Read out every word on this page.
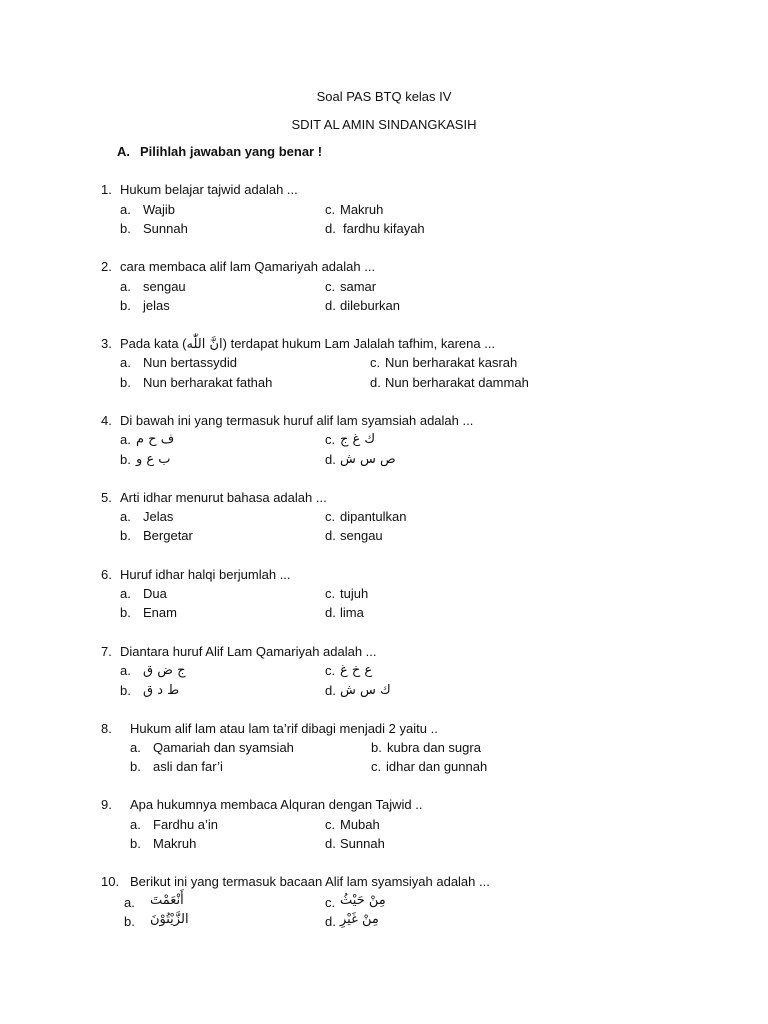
Soal PAS BTQ kelas IV
SDIT AL AMIN SINDANGKASIH
A. Pilihlah jawaban yang benar !
1. Hukum belajar tajwid adalah ...
a. Wajib	c. Makruh
b. Sunnah	d. fardhu kifayah
2. cara membaca alif lam Qamariyah adalah ...
a. sengau	c. samar
b. jelas	d. dileburkan
3. Pada kata (انَّ اللّٰه) terdapat hukum Lam Jalalah tafhim, karena ...
a. Nun bertassydid	c. Nun berharakat kasrah
b. Nun berharakat fathah	d. Nun berharakat dammah
4. Di bawah ini yang termasuk huruf alif lam syamsiah adalah ...
a. ف ح م	c. ك غ ج
b. ب ع و	d. ص س ش
5. Arti idhar menurut bahasa adalah ...
a. Jelas	c. dipantulkan
b. Bergetar	d. sengau
6. Huruf idhar halqi berjumlah ...
a. Dua	c. tujuh
b. Enam	d. lima
7. Diantara huruf Alif Lam Qamariyah adalah ...
a. ج ض ق	c. ع خ غ
b. ط د ق	d. ك س ش
8. Hukum alif lam atau lam ta’rif dibagi menjadi 2 yaitu ..
a. Qamariah dan syamsiah	b. kubra dan sugra
b. asli dan far’i	c. idhar dan gunnah
9. Apa hukumnya membaca Alquran dengan Tajwid ..
a. Fardhu a’in	c. Mubah
b. Makruh	d. Sunnah
10. Berikut ini yang termasuk bacaan Alif lam syamsiyah adalah ...
a. أَنْعَمْتَ	c. مِنْ حَيْثُ
b. الزَّيْتُوْنَ	d. مِنْ غَيْرِ
